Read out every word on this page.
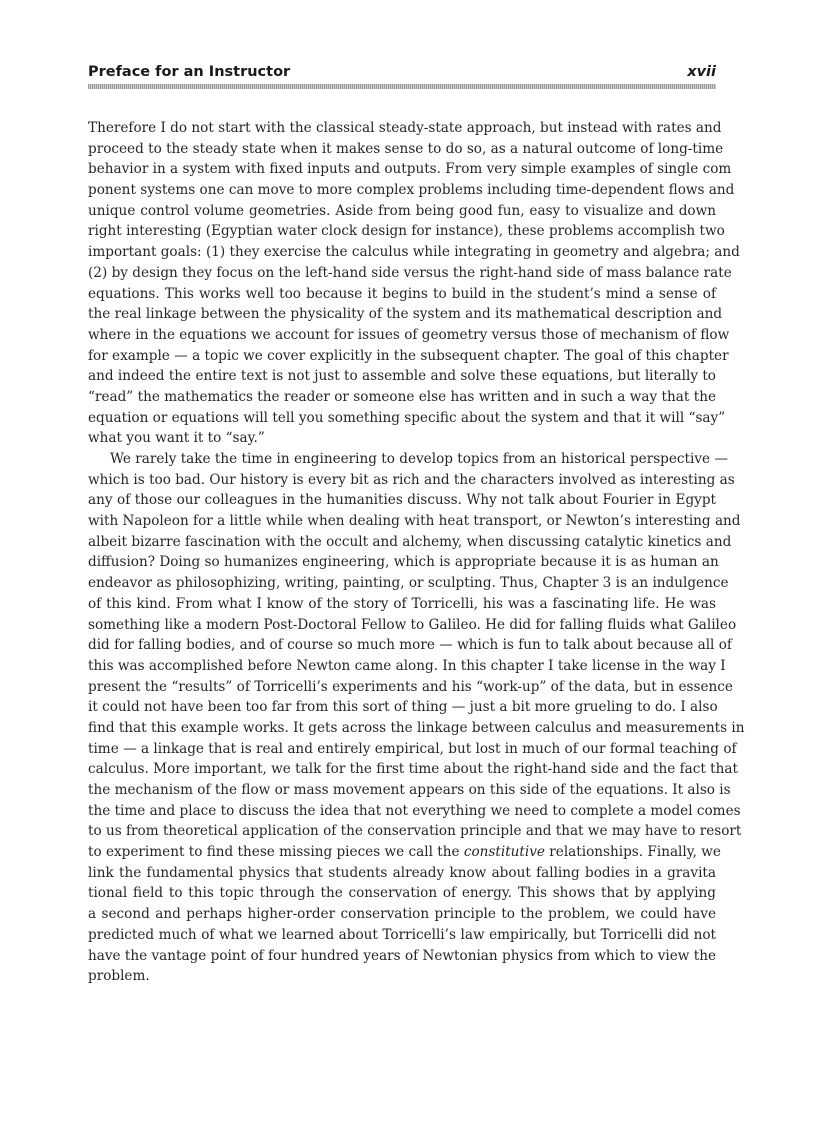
Preface for an Instructor	xvii
Therefore I do not start with the classical steady-state approach, but instead with rates and
proceed to the steady state when it makes sense to do so, as a natural outcome of long-time
behavior in a system with fixed inputs and outputs. From very simple examples of single com
ponent systems one can move to more complex problems including time-dependent flows and
unique control volume geometries. Aside from being good fun, easy to visualize and down
right interesting (Egyptian water clock design for instance), these problems accomplish two
important goals: (1) they exercise the calculus while integrating in geometry and algebra; and
(2) by design they focus on the left-hand side versus the right-hand side of mass balance rate
equations. This works well too because it begins to build in the student’s mind a sense of
the real linkage between the physicality of the system and its mathematical description and
where in the equations we account for issues of geometry versus those of mechanism of flow
for example — a topic we cover explicitly in the subsequent chapter. The goal of this chapter
and indeed the entire text is not just to assemble and solve these equations, but literally to
“read” the mathematics the reader or someone else has written and in such a way that the
equation or equations will tell you something specific about the system and that it will “say”
what you want it to “say.”
We rarely take the time in engineering to develop topics from an historical perspective —
which is too bad. Our history is every bit as rich and the characters involved as interesting as
any of those our colleagues in the humanities discuss. Why not talk about Fourier in Egypt
with Napoleon for a little while when dealing with heat transport, or Newton’s interesting and
albeit bizarre fascination with the occult and alchemy, when discussing catalytic kinetics and
diffusion? Doing so humanizes engineering, which is appropriate because it is as human an
endeavor as philosophizing, writing, painting, or sculpting. Thus, Chapter 3 is an indulgence
of this kind. From what I know of the story of Torricelli, his was a fascinating life. He was
something like a modern Post-Doctoral Fellow to Galileo. He did for falling fluids what Galileo
did for falling bodies, and of course so much more — which is fun to talk about because all of
this was accomplished before Newton came along. In this chapter I take license in the way I
present the “results” of Torricelli’s experiments and his “work-up” of the data, but in essence
it could not have been too far from this sort of thing — just a bit more grueling to do. I also
find that this example works. It gets across the linkage between calculus and measurements in
time — a linkage that is real and entirely empirical, but lost in much of our formal teaching of
calculus. More important, we talk for the first time about the right-hand side and the fact that
the mechanism of the flow or mass movement appears on this side of the equations. It also is
the time and place to discuss the idea that not everything we need to complete a model comes
to us from theoretical application of the conservation principle and that we may have to resort
to experiment to find these missing pieces we call the constitutive relationships. Finally, we
link the fundamental physics that students already know about falling bodies in a gravita
tional field to this topic through the conservation of energy. This shows that by applying
a second and perhaps higher-order conservation principle to the problem, we could have
predicted much of what we learned about Torricelli’s law empirically, but Torricelli did not
have the vantage point of four hundred years of Newtonian physics from which to view the
problem.
